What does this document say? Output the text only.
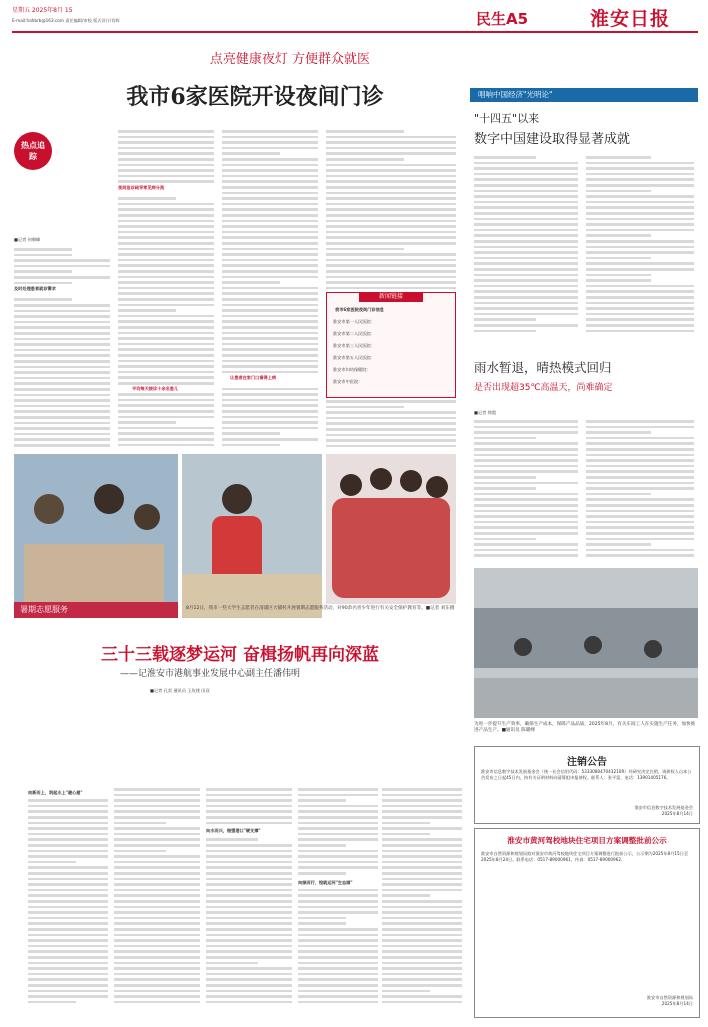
星期五 2025年8月 15
E-mail:hahbrb@163.com 责任编辑/审校 版式设计/肖晖	民生A5	淮安日报
点亮健康夜灯 方便群众就医
我市6家医院开设夜间门诊
热点追踪
■记者 何朝峰
及时处理患者就诊需求
夜间急诊疏导常见病分流
平均每天接诊十余名患儿
让患者在家门口看得上病
新闻链接
我市6家医院夜间门诊信息
淮安市第一人民医院：
淮安市第二人民医院：
淮安市第三人民医院：
淮安市第五人民医院：
淮安市妇幼保健院：
淮安市中医院：
暑期志愿服务	8月12日，我市一些大学生志愿者在清浦区大铺村开展暑期志愿服务活动，对90余名青少年进行有关安全保护教育等。■记者 刘东摄
三十三载逐梦运河 奋楫扬帆再向深蓝
——记淮安市港航事业发展中心副主任潘伟明
■记者 孔雷 通讯员 王玫建 田双
向新而上，筑起水上"避心屋"
向水而兴，做强港口"硬支撑"
向绿而行，绘就运河"生态画"
唱响中国经济"光明论"
"十四五"以来
数字中国建设取得显著成就
雨水暂退，晴热模式回归
是否出现超35℃高温天，尚难确定
■记者 徐霞
为进一步提升生产效率，确保生产成本，保障产品品质，2025年8月，有关车间工人在实施生产任务，加快推进产品生产。■通讯员 陈暖峰
注销公告
淮安市信息数字技术发展基金会（统一社会信用代码：533308047043210R）经研究决定注销，请债权人自本公告发布之日起45日内，持有关证明材料向清算组申报债权。联系人：张平富，电话：13901405176。
淮安市信息数字技术发展基金会
2025年8月14日
淮安市黄河驾校地块住宅项目方案调整批前公示
淮安市自然资源和规划局拟对淮安市黄河驾校地块住宅项目方案调整进行批前公示，公示期为2025年8月15日至2025年8月24日。联系电话：0517-89000961，传真：0517-89000962。
淮安市自然资源和规划局
2025年8月14日
